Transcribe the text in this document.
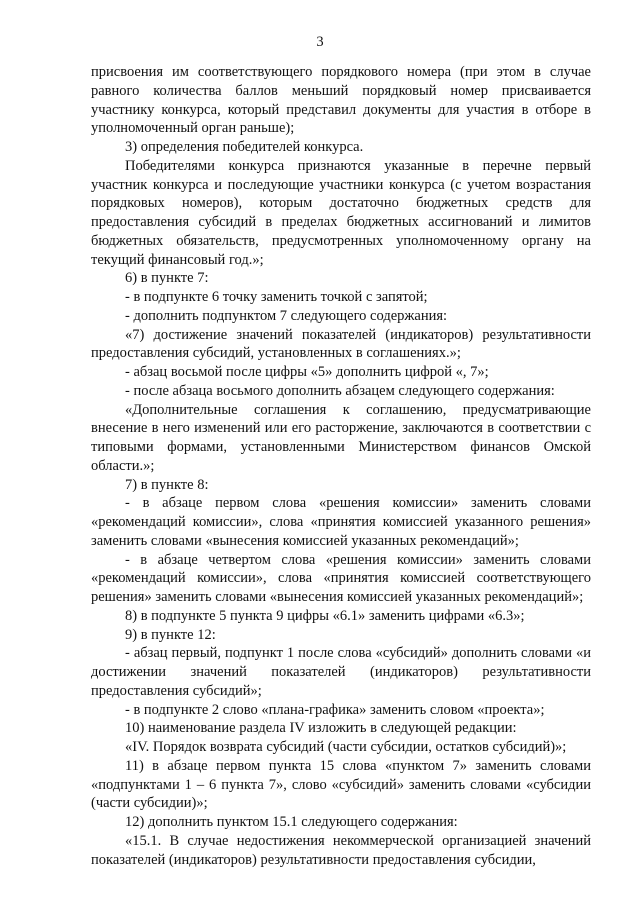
3

присвоения им соответствующего порядкового номера (при этом в случае равного количества баллов меньший порядковый номер присваивается участнику конкурса, который представил документы для участия в отборе в уполномоченный орган раньше);

3) определения победителей конкурса.

Победителями конкурса признаются указанные в перечне первый участник конкурса и последующие участники конкурса (с учетом возрастания порядковых номеров), которым достаточно бюджетных средств для предоставления субсидий в пределах бюджетных ассигнований и лимитов бюджетных обязательств, предусмотренных уполномоченному органу на текущий финансовый год.»;

6) в пункте 7:

- в подпункте 6 точку заменить точкой с запятой;

- дополнить подпунктом 7 следующего содержания:

«7) достижение значений показателей (индикаторов) результативности предоставления субсидий, установленных в соглашениях.»;

- абзац восьмой после цифры «5» дополнить цифрой «, 7»;

- после абзаца восьмого дополнить абзацем следующего содержания:

«Дополнительные соглашения к соглашению, предусматривающие внесение в него изменений или его расторжение, заключаются в соответствии с типовыми формами, установленными Министерством финансов Омской области.»;

7) в пункте 8:

- в абзаце первом слова «решения комиссии» заменить словами «рекомендаций комиссии», слова «принятия комиссией указанного решения» заменить словами «вынесения комиссией указанных рекомендаций»;

- в абзаце четвертом слова «решения комиссии» заменить словами «рекомендаций комиссии», слова «принятия комиссией соответствующего решения» заменить словами «вынесения комиссией указанных рекомендаций»;

8) в подпункте 5 пункта 9 цифры «6.1» заменить цифрами «6.3»;

9) в пункте 12:

- абзац первый, подпункт 1 после слова «субсидий» дополнить словами «и достижении значений показателей (индикаторов) результативности предоставления субсидий»;

- в подпункте 2 слово «плана-графика» заменить словом «проекта»;

10) наименование раздела IV изложить в следующей редакции:

«IV. Порядок возврата субсидий (части субсидии, остатков субсидий)»;

11) в абзаце первом пункта 15 слова «пунктом 7» заменить словами «подпунктами 1 – 6 пункта 7», слово «субсидий» заменить словами «субсидии (части субсидии)»;

12) дополнить пунктом 15.1 следующего содержания:

«15.1. В случае недостижения некоммерческой организацией значений показателей (индикаторов) результативности предоставления субсидии,
